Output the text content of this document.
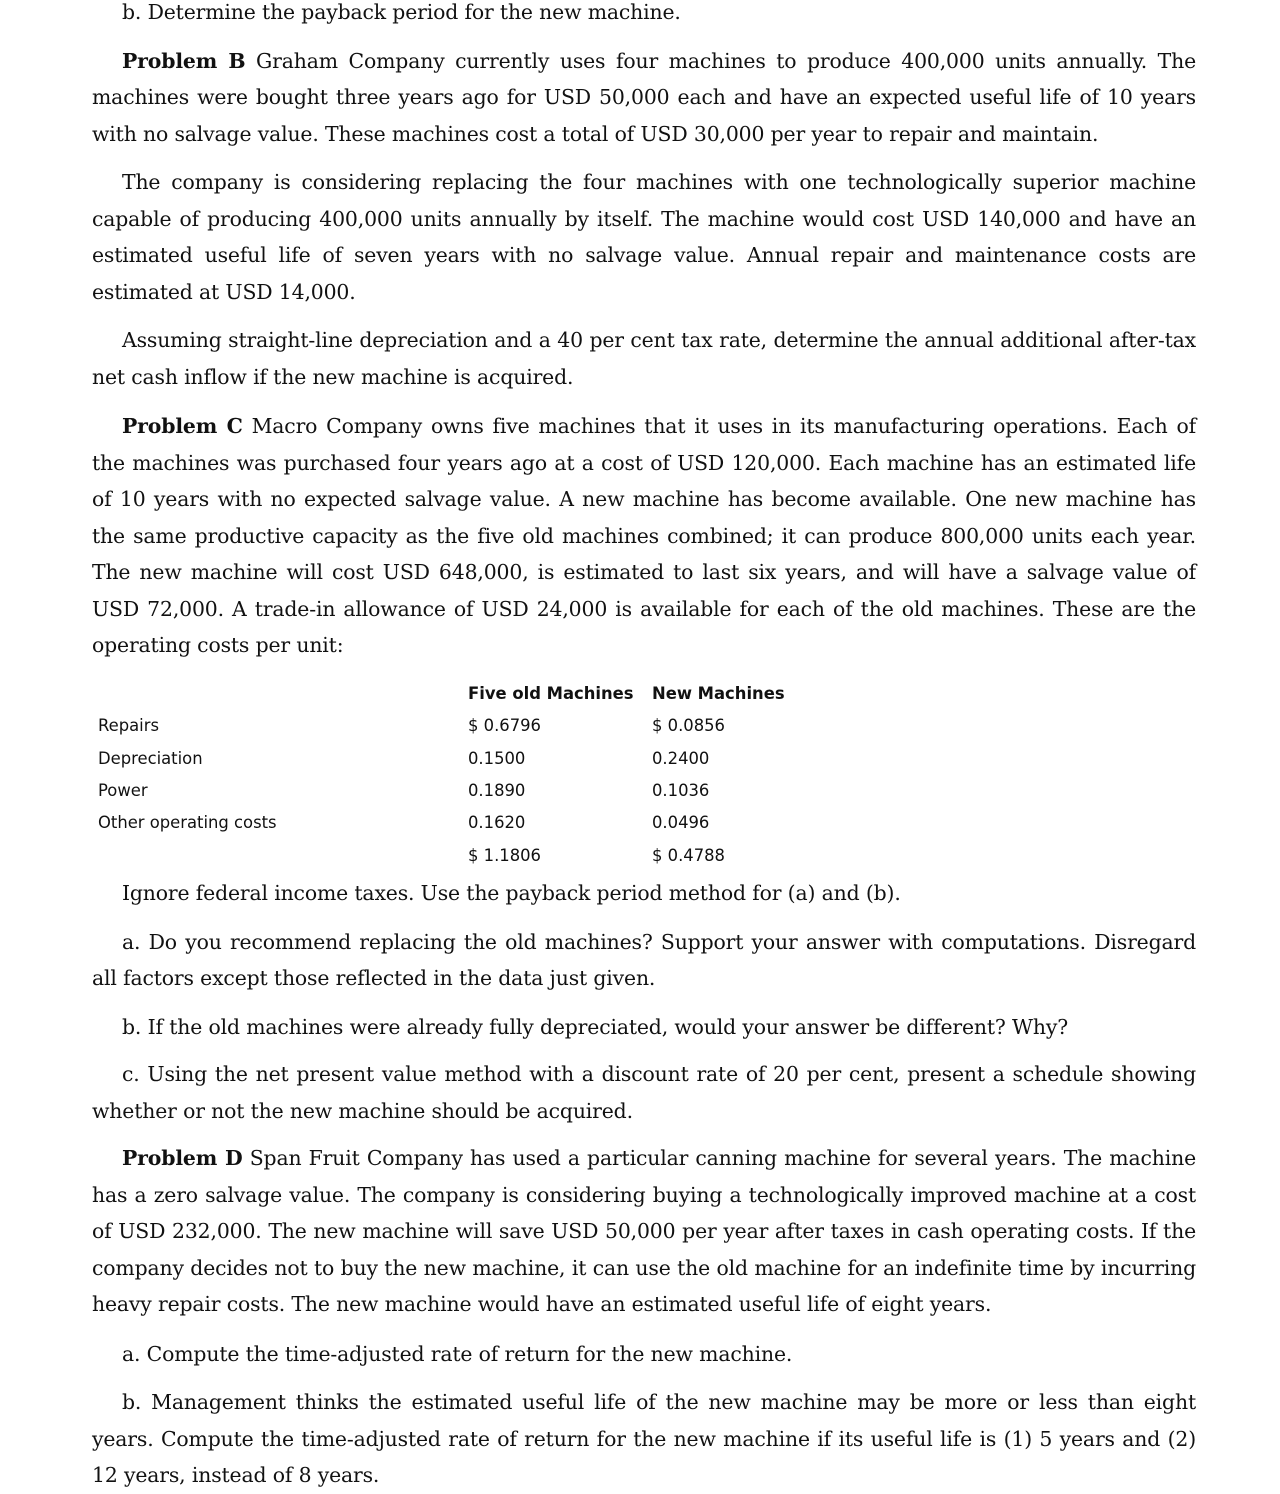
b. Determine the payback period for the new machine.

Problem B Graham Company currently uses four machines to produce 400,000 units annually. The machines were bought three years ago for USD 50,000 each and have an expected useful life of 10 years with no salvage value. These machines cost a total of USD 30,000 per year to repair and maintain.

The company is considering replacing the four machines with one technologically superior machine capable of producing 400,000 units annually by itself. The machine would cost USD 140,000 and have an estimated useful life of seven years with no salvage value. Annual repair and maintenance costs are estimated at USD 14,000.

Assuming straight-line depreciation and a 40 per cent tax rate, determine the annual additional after-tax net cash inflow if the new machine is acquired.

Problem C Macro Company owns five machines that it uses in its manufacturing operations. Each of the machines was purchased four years ago at a cost of USD 120,000. Each machine has an estimated life of 10 years with no expected salvage value. A new machine has become available. One new machine has the same productive capacity as the five old machines combined; it can produce 800,000 units each year. The new machine will cost USD 648,000, is estimated to last six years, and will have a salvage value of USD 72,000. A trade-in allowance of USD 24,000 is available for each of the old machines. These are the operating costs per unit:

	Five old Machines	New Machines
Repairs	$ 0.6796	$ 0.0856
Depreciation	0.1500	0.2400
Power	0.1890	0.1036
Other operating costs	0.1620	0.0496
	$ 1.1806	$ 0.4788

Ignore federal income taxes. Use the payback period method for (a) and (b).

a. Do you recommend replacing the old machines? Support your answer with computations. Disregard all factors except those reflected in the data just given.

b. If the old machines were already fully depreciated, would your answer be different? Why?

c. Using the net present value method with a discount rate of 20 per cent, present a schedule showing whether or not the new machine should be acquired.

Problem D Span Fruit Company has used a particular canning machine for several years. The machine has a zero salvage value. The company is considering buying a technologically improved machine at a cost of USD 232,000. The new machine will save USD 50,000 per year after taxes in cash operating costs. If the company decides not to buy the new machine, it can use the old machine for an indefinite time by incurring heavy repair costs. The new machine would have an estimated useful life of eight years.

a. Compute the time-adjusted rate of return for the new machine.

b. Management thinks the estimated useful life of the new machine may be more or less than eight years. Compute the time-adjusted rate of return for the new machine if its useful life is (1) 5 years and (2) 12 years, instead of 8 years.
